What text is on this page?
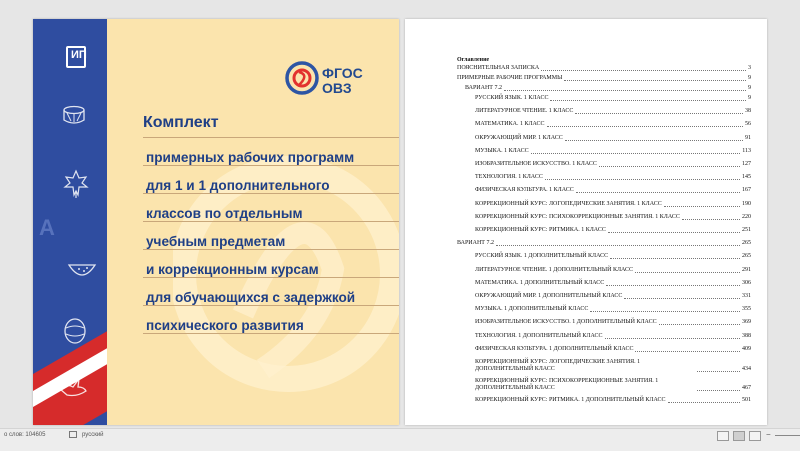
ИП
A
ФГОС
ОВЗ
Комплект
примерных рабочих программ
для 1 и 1 дополнительного
классов по отдельным
учебным предметам
и коррекционным курсам
для обучающихся с задержкой
психического развития
Оглавление
ПОЯСНИТЕЛЬНАЯ ЗАПИСКА	3
ПРИМЕРНЫЕ РАБОЧИЕ ПРОГРАММЫ	9
ВАРИАНТ 7.2	9
РУССКИЙ ЯЗЫК. 1 КЛАСС	9
ЛИТЕРАТУРНОЕ ЧТЕНИЕ. 1 КЛАСС	38
МАТЕМАТИКА. 1 КЛАСС	56
ОКРУЖАЮЩИЙ МИР. 1 КЛАСС	91
МУЗЫКА. 1 КЛАСС	113
ИЗОБРАЗИТЕЛЬНОЕ ИСКУССТВО. 1 КЛАСС	127
ТЕХНОЛОГИЯ. 1 КЛАСС	145
ФИЗИЧЕСКАЯ КУЛЬТУРА. 1 КЛАСС	167
КОРРЕКЦИОННЫЙ КУРС: ЛОГОПЕДИЧЕСКИЕ ЗАНЯТИЯ. 1 КЛАСС	190
КОРРЕКЦИОННЫЙ КУРС: ПСИХОКОРРЕКЦИОННЫЕ ЗАНЯТИЯ. 1 КЛАСС	220
КОРРЕКЦИОННЫЙ КУРС: РИТМИКА. 1 КЛАСС	251
ВАРИАНТ 7.2	265
РУССКИЙ ЯЗЫК. 1 ДОПОЛНИТЕЛЬНЫЙ КЛАСС	265
ЛИТЕРАТУРНОЕ ЧТЕНИЕ. 1 ДОПОЛНИТЕЛЬНЫЙ КЛАСС	291
МАТЕМАТИКА. 1 ДОПОЛНИТЕЛЬНЫЙ КЛАСС	306
ОКРУЖАЮЩИЙ МИР. 1 ДОПОЛНИТЕЛЬНЫЙ КЛАСС	331
МУЗЫКА. 1 ДОПОЛНИТЕЛЬНЫЙ КЛАСС	355
ИЗОБРАЗИТЕЛЬНОЕ ИСКУССТВО. 1 ДОПОЛНИТЕЛЬНЫЙ КЛАСС	369
ТЕХНОЛОГИЯ. 1 ДОПОЛНИТЕЛЬНЫЙ КЛАСС	388
ФИЗИЧЕСКАЯ КУЛЬТУРА. 1 ДОПОЛНИТЕЛЬНЫЙ КЛАСС	409
КОРРЕКЦИОННЫЙ КУРС: ЛОГОПЕДИЧЕСКИЕ ЗАНЯТИЯ. 1 ДОПОЛНИТЕЛЬНЫЙ КЛАСС	434
КОРРЕКЦИОННЫЙ КУРС: ПСИХОКОРРЕКЦИОННЫЕ ЗАНЯТИЯ. 1 ДОПОЛНИТЕЛЬНЫЙ КЛАСС	467
КОРРЕКЦИОННЫЙ КУРС: РИТМИКА. 1 ДОПОЛНИТЕЛЬНЫЙ КЛАСС	501
о слов: 104605	русский	−
